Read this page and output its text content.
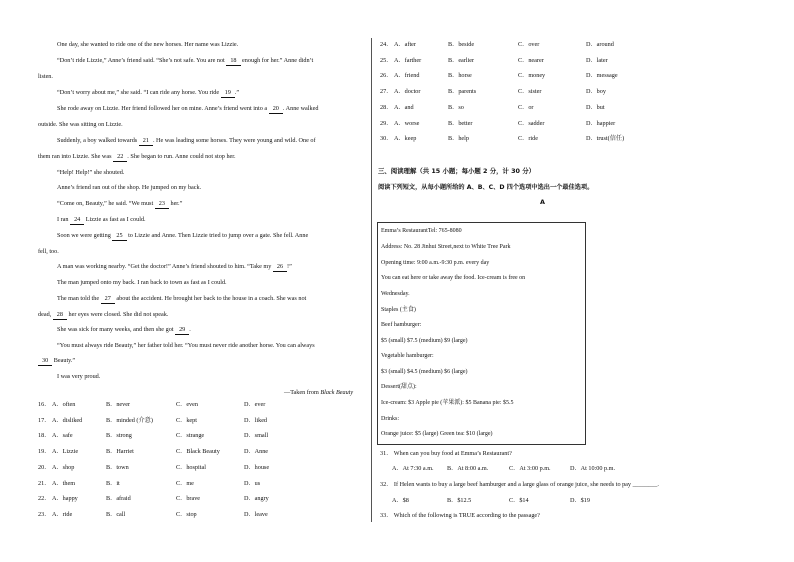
One day, she wanted to ride one of the new horses. Her name was Lizzie.
“Don’t ride Lizzie,” Anne’s friend said. “She’s not safe. You are not 18 enough for her.” Anne didn’t
listen.
“Don’t worry about me,” she said. “I can ride any horse. You ride 19 .”
She rode away on Lizzie. Her friend followed her on mine. Anne’s friend went into a 20 . Anne walked
outside. She was sitting on Lizzie.
Suddenly, a boy walked towards 21 . He was leading some horses. They were young and wild. One of
them ran into Lizzie. She was 22 . She began to run. Anne could not stop her.
“Help! Help!” she shouted.
Anne’s friend ran out of the shop. He jumped on my back.
“Come on, Beauty,” he said. “We must 23 her.”
I ran 24 Lizzie as fast as I could.
Soon we were getting 25 to Lizzie and Anne. Then Lizzie tried to jump over a gate. She fell. Anne
fell, too.
A man was working nearby. “Get the doctor!” Anne’s friend shouted to him. “Take my 26 !”
The man jumped onto my back. I ran back to town as fast as I could.
The man told the 27 about the accident. He brought her back to the house in a coach. She was not
dead, 28 her eyes were closed. She did not speak.
She was sick for many weeks, and then she got 29 .
“You must always ride Beauty,” her father told her. “You must never ride another horse. You can always
30 Beauty.”
I was very proud.
—Taken from Black Beauty
16． A．often	B．never	C．even	D．ever
17． A．disliked	B．minded (介意)	C．kept	D．liked
18． A．safe	B．strong	C．strange	D．small
19． A．Lizzie	B．Harriet	C．Black Beauty	D．Anne
20． A．shop	B．town	C．hospital	D．house
21． A．them	B．it	C．me	D．us
22． A．happy	B．afraid	C．brave	D．angry
23． A．ride	B．call	C．stop	D．leave
24． A．after	B．beside	C．over	D．around
25． A．farther	B．earlier	C．nearer	D．later
26． A．friend	B．horse	C．money	D．message
27． A．doctor	B．parents	C．sister	D．boy
28． A．and	B．so	C．or	D．but
29． A．worse	B．better	C．sadder	D．happier
30． A．keep	B．help	C．ride	D．trust(信任)
三、阅读理解（共 15 小题；每小题 2 分，计 30 分）
阅读下列短文，从每小题所给的 A、B、C、D 四个选项中选出一个最佳选项。
A
Emma’s RestaurantTel: 765-8080
Address: No. 28 Jinhui Street,next to White Tree Park
Opening time: 9:00 a.m.-9:30 p.m. every day
You can eat here or take away the food. Ice-cream is free on
Wednesday.
Staples (主食)
Beef hamburger:
$5 (small) $7.5 (medium) $9 (large)
Vegetable hamburger:
$3 (small) $4.5 (medium) $6 (large)
Dessert(甜点):
Ice-cream: $3 Apple pie (苹果派): $5 Banana pie: $5.5
Drinks:
Orange juice: $5 (large) Green tea: $10 (large)
31． When can you buy food at Emma’s Restaurant?
A．At 7:30 a.m. B．At 8:00 a.m.	C．At 3:00 p.m.	D．At 10:00 p.m.
32． If Helen wants to buy a large beef hamburger and a large glass of orange juice, she needs to pay ________.
A．$8	B．$12.5	C．$14	D．$19
33． Which of the following is TRUE according to the passage?
